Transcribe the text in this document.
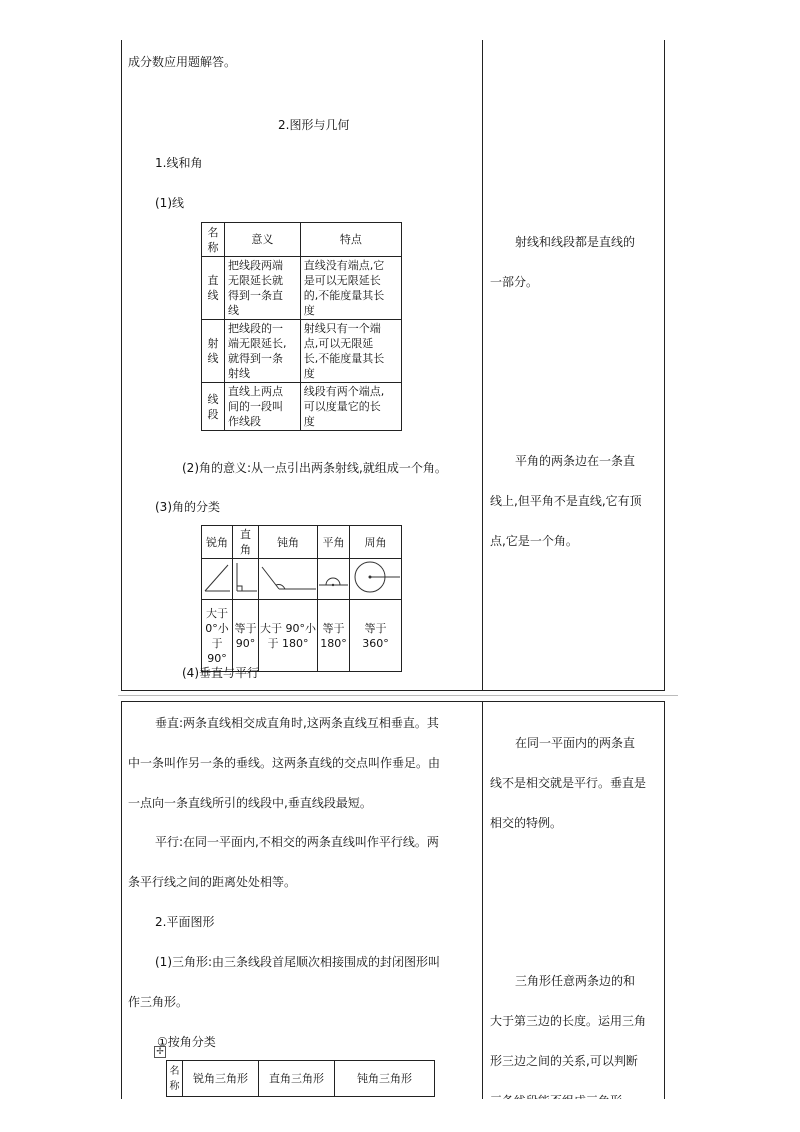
成分数应用题解答。
2.图形与几何
1.线和角
(1)线
名
称	意义	特点
直
线	把线段两端
无限延长就
得到一条直
线	直线没有端点,它
是可以无限延长
的,不能度量其长
度
射
线	把线段的一
端无限延长,
就得到一条
射线	射线只有一个端
点,可以无限延
长,不能度量其长
度
线
段	直线上两点
间的一段叫
作线段	线段有两个端点,
可以度量它的长
度
(2)角的意义:从一点引出两条射线,就组成一个角。
(3)角的分类
锐角	直角	钝角	平角	周角

大于
0°小
于
90°	等于
90°	大于 90°小
于 180°	等于
180°	等于
360°
(4)垂直与平行
射线和线段都是直线的
一部分。
平角的两条边在一条直
线上,但平角不是直线,它有顶
点,它是一个角。
垂直:两条直线相交成直角时,这两条直线互相垂直。其
中一条叫作另一条的垂线。这两条直线的交点叫作垂足。由
一点向一条直线所引的线段中,垂直线段最短。
平行:在同一平面内,不相交的两条直线叫作平行线。两
条平行线之间的距离处处相等。
2.平面图形
(1)三角形:由三条线段首尾顺次相接围成的封闭图形叫
作三角形。
①按角分类
✢
名
称	锐角三角形	直角三角形	钝角三角形
在同一平面内的两条直
线不是相交就是平行。垂直是
相交的特例。
三角形任意两条边的和
大于第三边的长度。运用三角
形三边之间的关系,可以判断
